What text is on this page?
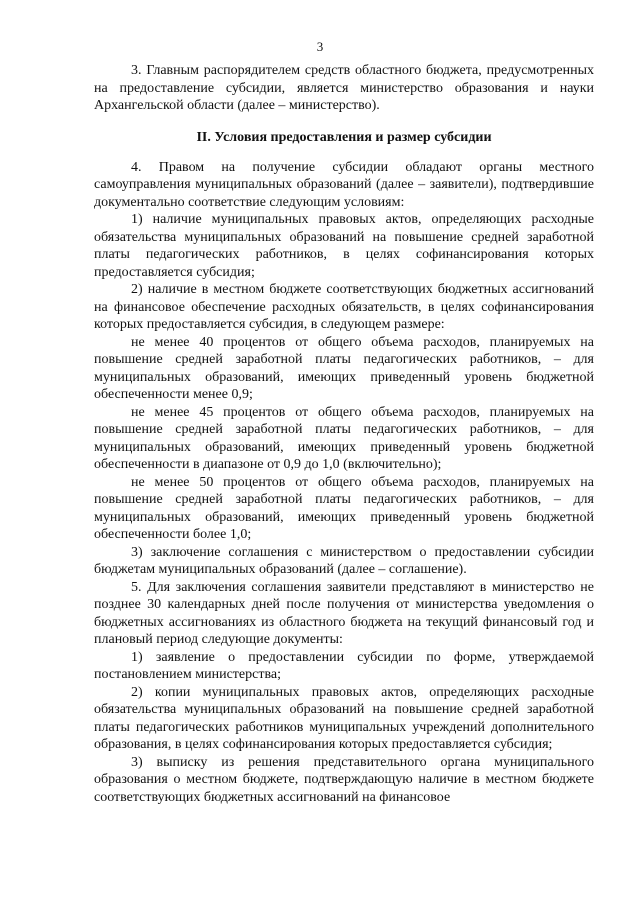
3

3. Главным распорядителем средств областного бюджета, предусмотренных на предоставление субсидии, является министерство образования и науки Архангельской области (далее – министерство).

II. Условия предоставления и размер субсидии

4. Правом на получение субсидии обладают органы местного самоуправления муниципальных образований (далее – заявители), подтвердившие документально соответствие следующим условиям:

1) наличие муниципальных правовых актов, определяющих расходные обязательства муниципальных образований на повышение средней заработной платы педагогических работников, в целях софинансирования которых предоставляется субсидия;

2) наличие в местном бюджете соответствующих бюджетных ассигнований на финансовое обеспечение расходных обязательств, в целях софинансирования которых предоставляется субсидия, в следующем размере:

не менее 40 процентов от общего объема расходов, планируемых на повышение средней заработной платы педагогических работников, – для муниципальных образований, имеющих приведенный уровень бюджетной обеспеченности менее 0,9;

не менее 45 процентов от общего объема расходов, планируемых на повышение средней заработной платы педагогических работников, – для муниципальных образований, имеющих приведенный уровень бюджетной обеспеченности в диапазоне от 0,9 до 1,0 (включительно);

не менее 50 процентов от общего объема расходов, планируемых на повышение средней заработной платы педагогических работников, – для муниципальных образований, имеющих приведенный уровень бюджетной обеспеченности более 1,0;

3) заключение соглашения с министерством о предоставлении субсидии бюджетам муниципальных образований (далее – соглашение).

5. Для заключения соглашения заявители представляют в министерство не позднее 30 календарных дней после получения от министерства уведомления о бюджетных ассигнованиях из областного бюджета на текущий финансовый год и плановый период следующие документы:

1) заявление о предоставлении субсидии по форме, утверждаемой постановлением министерства;

2) копии муниципальных правовых актов, определяющих расходные обязательства муниципальных образований на повышение средней заработной платы педагогических работников муниципальных учреждений дополнительного образования, в целях софинансирования которых предоставляется субсидия;

3) выписку из решения представительного органа муниципального образования о местном бюджете, подтверждающую наличие в местном бюджете соответствующих бюджетных ассигнований на финансовое
